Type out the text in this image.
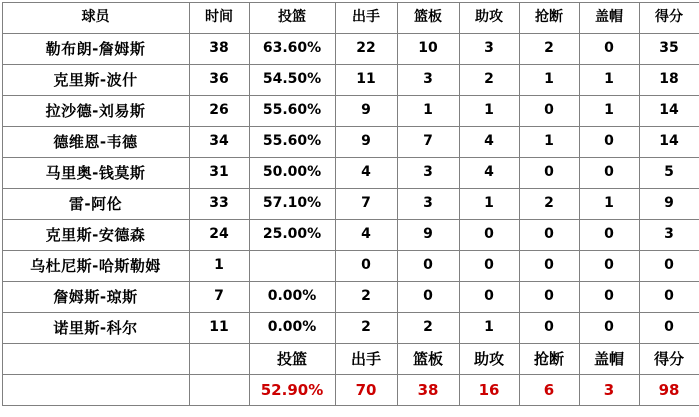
球员	时间	投篮	出手	篮板	助攻	抢断	盖帽	得分
勒布朗-詹姆斯	38	63.60%	22	10	3	2	0	35
克里斯-波什	36	54.50%	11	3	2	1	1	18
拉沙德-刘易斯	26	55.60%	9	1	1	0	1	14
德维恩-韦德	34	55.60%	9	7	4	1	0	14
马里奥-钱莫斯	31	50.00%	4	3	4	0	0	5
雷-阿伦	33	57.10%	7	3	1	2	1	9
克里斯-安德森	24	25.00%	4	9	0	0	0	3
乌杜尼斯-哈斯勒姆	1		0	0	0	0	0	0
詹姆斯-琼斯	7	0.00%	2	0	0	0	0	0
诺里斯-科尔	11	0.00%	2	2	1	0	0	0
		投篮	出手	篮板	助攻	抢断	盖帽	得分
		52.90%	70	38	16	6	3	98
